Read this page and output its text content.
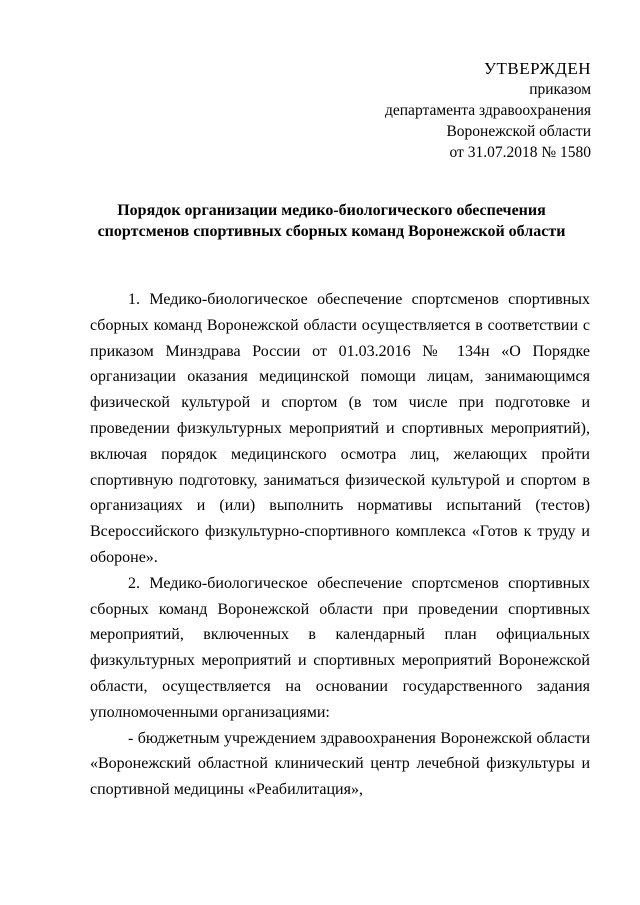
УТВЕРЖДЕН
приказом
департамента здравоохранения
Воронежской области
от 31.07.2018 № 1580
Порядок организации медико-биологического обеспечения
спортсменов спортивных сборных команд Воронежской области

1. Медико-биологическое обеспечение спортсменов спортивных сборных команд Воронежской области осуществляется в соответствии с приказом Минздрава России от 01.03.2016 № 134н «О Порядке организации оказания медицинской помощи лицам, занимающимся физической культурой и спортом (в том числе при подготовке и проведении физкультурных мероприятий и спортивных мероприятий), включая порядок медицинского осмотра лиц, желающих пройти спортивную подготовку, заниматься физической культурой и спортом в организациях и (или) выполнить нормативы испытаний (тестов) Всероссийского физкультурно-спортивного комплекса «Готов к труду и обороне».

2. Медико-биологическое обеспечение спортсменов спортивных сборных команд Воронежской области при проведении спортивных мероприятий, включенных в календарный план официальных физкультурных мероприятий и спортивных мероприятий Воронежской области, осуществляется на основании государственного задания уполномоченными организациями:

- бюджетным учреждением здравоохранения Воронежской области «Воронежский областной клинический центр лечебной физкультуры и спортивной медицины «Реабилитация»,
